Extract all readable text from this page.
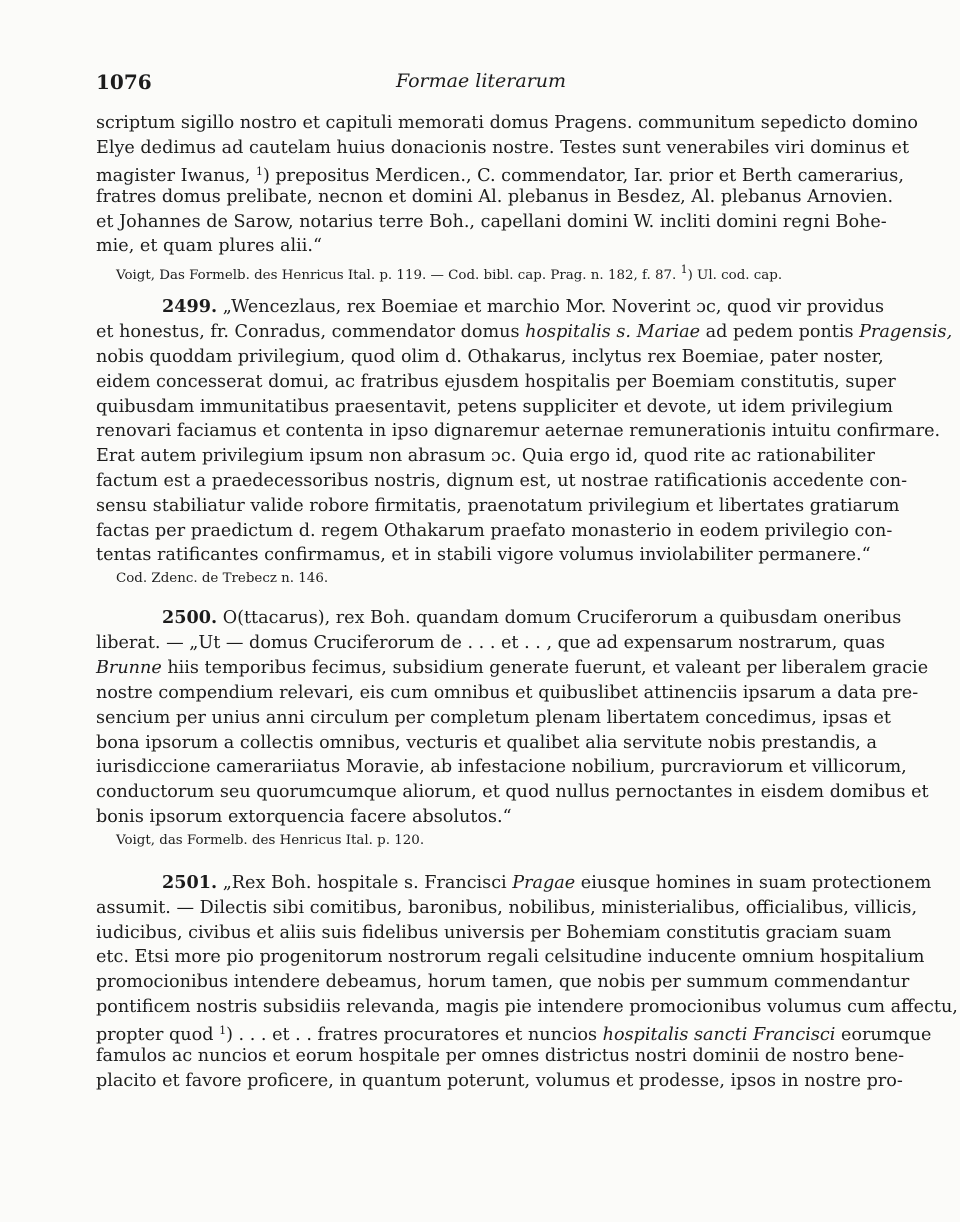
1076	Formae literarum
scriptum sigillo nostro et capituli memorati domus Pragens. communitum sepedicto domino
Elye dedimus ad cautelam huius donacionis nostre. Testes sunt venerabiles viri dominus et
magister Iwanus, $^1$) prepositus Merdicen., C. commendator, Iar. prior et Berth camerarius,
fratres domus prelibate, necnon et domini Al. plebanus in Besdez, Al. plebanus Arnovien.
et Johannes de Sarow, notarius terre Boh., capellani domini W. incliti domini regni Bohe-
mie, et quam plures alii.“
Voigt, Das Formelb. des Henricus Ital. p. 119. — Cod. bibl. cap. Prag. n. 182, f. 87. $^1$) Ul. cod. cap.
2499. „Wencezlaus, rex Boemiae et marchio Mor. Noverint ɔc, quod vir providus
et honestus, fr. Conradus, commendator domus hospitalis s. Mariae ad pedem pontis Pragensis,
nobis quoddam privilegium, quod olim d. Othakarus, inclytus rex Boemiae, pater noster,
eidem concesserat domui, ac fratribus ejusdem hospitalis per Boemiam constitutis, super
quibusdam immunitatibus praesentavit, petens suppliciter et devote, ut idem privilegium
renovari faciamus et contenta in ipso dignaremur aeternae remunerationis intuitu confirmare.
Erat autem privilegium ipsum non abrasum ɔc. Quia ergo id, quod rite ac rationabiliter
factum est a praedecessoribus nostris, dignum est, ut nostrae ratificationis accedente con-
sensu stabiliatur valide robore firmitatis, praenotatum privilegium et libertates gratiarum
factas per praedictum d. regem Othakarum praefato monasterio in eodem privilegio con-
tentas ratificantes confirmamus, et in stabili vigore volumus inviolabiliter permanere.“
Cod. Zdenc. de Trebecz n. 146.
2500. O(ttacarus), rex Boh. quandam domum Cruciferorum a quibusdam oneribus
liberat. — „Ut — domus Cruciferorum de . . . et . . , que ad expensarum nostrarum, quas
Brunne hiis temporibus fecimus, subsidium generate fuerunt, et valeant per liberalem gracie
nostre compendium relevari, eis cum omnibus et quibuslibet attinenciis ipsarum a data pre-
sencium per unius anni circulum per completum plenam libertatem concedimus, ipsas et
bona ipsorum a collectis omnibus, vecturis et qualibet alia servitute nobis prestandis, a
iurisdiccione camerariiatus Moravie, ab infestacione nobilium, purcraviorum et villicorum,
conductorum seu quorumcumque aliorum, et quod nullus pernoctantes in eisdem domibus et
bonis ipsorum extorquencia facere absolutos.“
Voigt, das Formelb. des Henricus Ital. p. 120.
2501. „Rex Boh. hospitale s. Francisci Pragae eiusque homines in suam protectionem
assumit. — Dilectis sibi comitibus, baronibus, nobilibus, ministerialibus, officialibus, villicis,
iudicibus, civibus et aliis suis fidelibus universis per Bohemiam constitutis graciam suam
etc. Etsi more pio progenitorum nostrorum regali celsitudine inducente omnium hospitalium
promocionibus intendere debeamus, horum tamen, que nobis per summum commendantur
pontificem nostris subsidiis relevanda, magis pie intendere promocionibus volumus cum affectu,
propter quod $^1$) . . . et . . fratres procuratores et nuncios hospitalis sancti Francisci eorumque
famulos ac nuncios et eorum hospitale per omnes districtus nostri dominii de nostro bene-
placito et favore proficere, in quantum poterunt, volumus et prodesse, ipsos in nostre pro-
